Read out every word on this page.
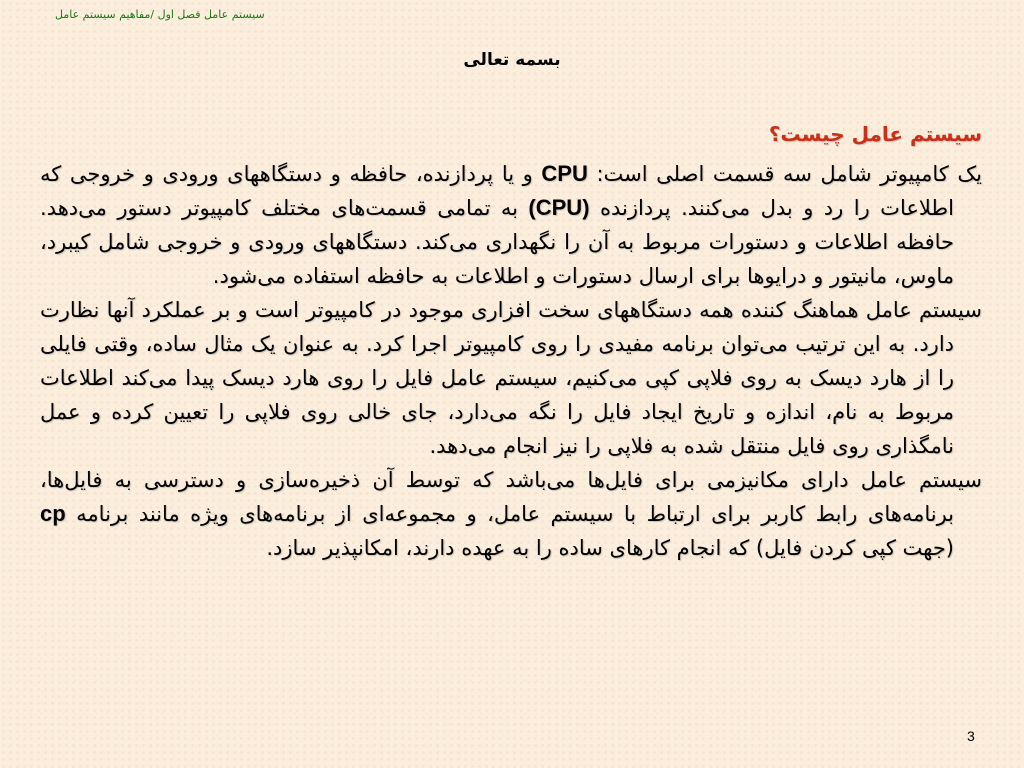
سیستم عامل فصل اول /مفاهیم سیستم عامل
بسمه تعالی
سیستم عامل چیست؟

یک کامپیوتر شامل سه قسمت اصلی است: CPU و یا پردازنده، حافظه و دستگاههای ورودی و خروجی که اطلاعات را رد و بدل می‌کنند. پردازنده (CPU) به تمامی قسمت‌های مختلف کامپیوتر دستور می‌دهد. حافظه اطلاعات و دستورات مربوط به آن را نگهداری می‌کند. دستگاههای ورودی و خروجی شامل کیبرد، ماوس، مانیتور و درایوها برای ارسال دستورات و اطلاعات به حافظه استفاده می‌شود.

سیستم عامل هماهنگ کننده همه دستگاههای سخت افزاری موجود در کامپیوتر است و بر عملکرد آنها نظارت دارد. به این ترتیب می‌توان برنامه مفیدی را روی کامپیوتر اجرا کرد. به عنوان یک مثال ساده، وقتی فایلی را از هارد دیسک به روی فلاپی کپی می‌کنیم، سیستم عامل فایل را روی هارد دیسک پیدا می‌کند اطلاعات مربوط به نام، اندازه و تاریخ ایجاد فایل را نگه می‌دارد، جای خالی روی فلاپی را تعیین کرده و عمل نامگذاری روی فایل منتقل شده به فلاپی را نیز انجام می‌دهد.

سیستم عامل دارای مکانیزمی برای فایل‌ها می‌باشد که توسط آن ذخیره‌سازی و دسترسی به فایل‌ها، برنامه‌های رابط کاربر برای ارتباط با سیستم عامل، و مجموعه‌ای از برنامه‌های ویژه مانند برنامه cp (جهت کپی کردن فایل) که انجام کارهای ساده را به عهده دارند، امکانپذیر سازد.

3
